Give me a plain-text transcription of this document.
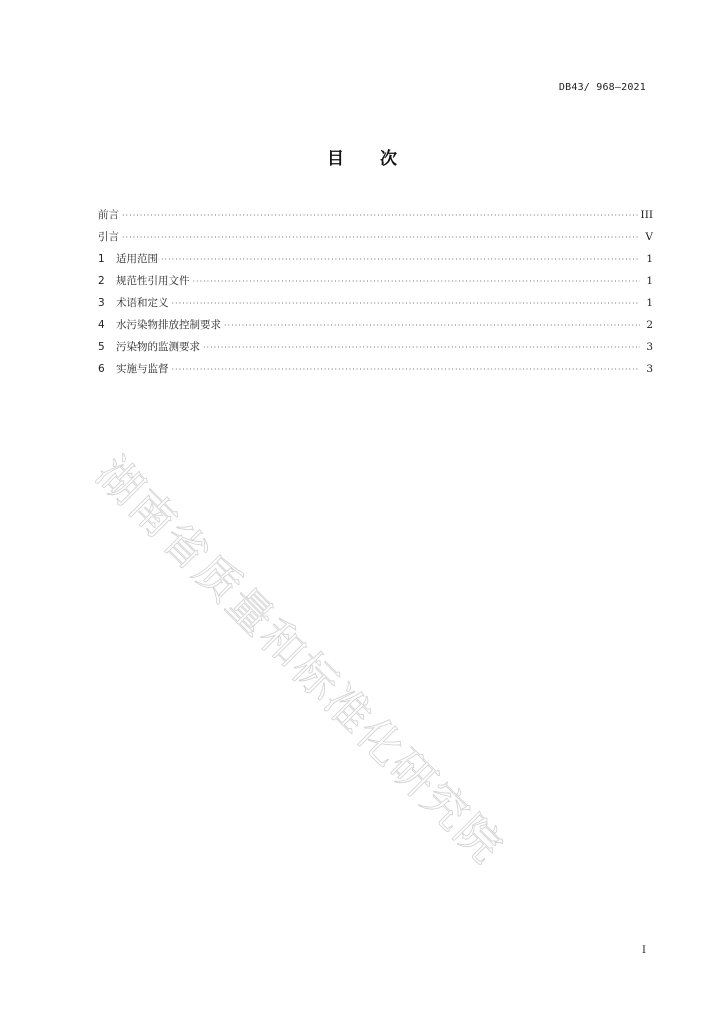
DB43/ 968—2021
目 次
前言 ·····	III
引言 ·····	V
1	适用范围 ·····	1
2	规范性引用文件 ·····	1
3	术语和定义 ·····	1
4	水污染物排放控制要求 ·····	2
5	污染物的监测要求 ·····	3
6	实施与监督 ·····	3
湖南省质量和标准化研究院
I
